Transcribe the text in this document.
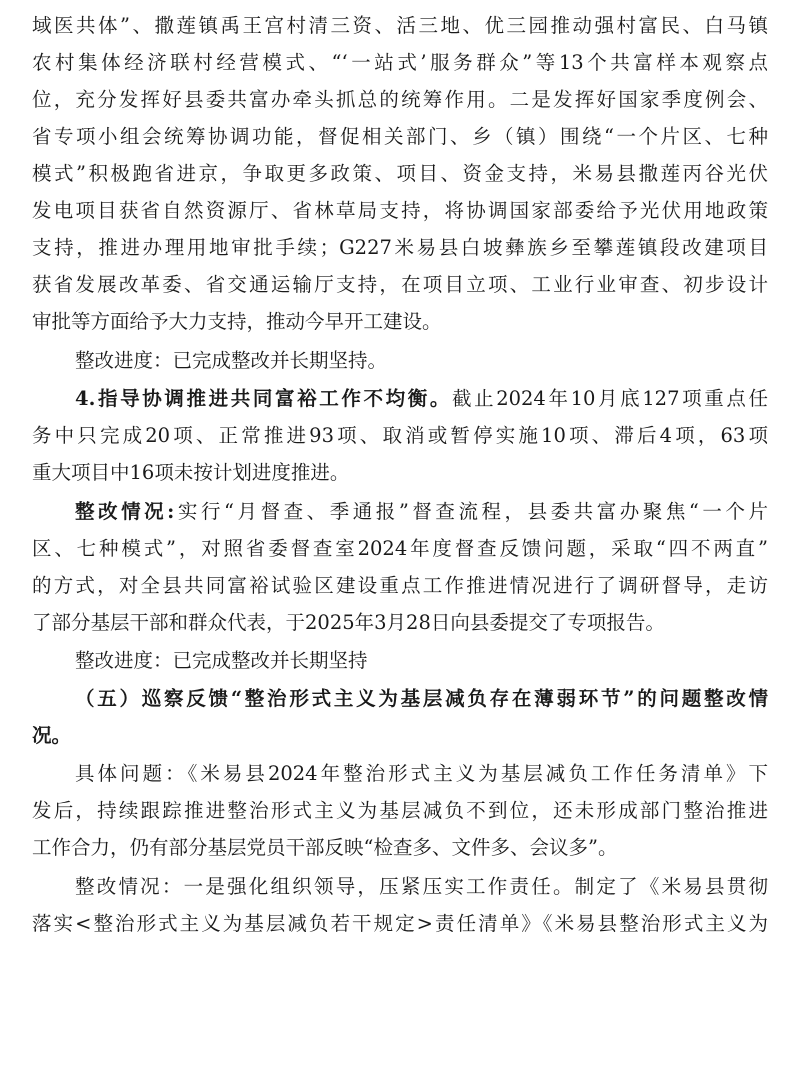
域医共体”、撒莲镇禹王宫村清三资、活三地、优三园推动强村富民、白马镇
农村集体经济联村经营模式、“‘一站式’服务群众”等13个共富样本观察点
位，充分发挥好县委共富办牵头抓总的统筹作用。二是发挥好国家季度例会、
省专项小组会统筹协调功能，督促相关部门、乡（镇）围绕“一个片区、七种
模式”积极跑省进京，争取更多政策、项目、资金支持，米易县撒莲丙谷光伏
发电项目获省自然资源厅、省林草局支持，将协调国家部委给予光伏用地政策
支持，推进办理用地审批手续；G227米易县白坡彝族乡至攀莲镇段改建项目
获省发展改革委、省交通运输厅支持，在项目立项、工业行业审查、初步设计
审批等方面给予大力支持，推动今早开工建设。
整改进度：已完成整改并长期坚持。
4.指导协调推进共同富裕工作不均衡。截止2024年10月底127项重点任
务中只完成20项、正常推进93项、取消或暂停实施10项、滞后4项，63项
重大项目中16项未按计划进度推进。
整改情况:实行“月督查、季通报”督查流程，县委共富办聚焦“一个片
区、七种模式”，对照省委督查室2024年度督查反馈问题，采取“四不两直”
的方式，对全县共同富裕试验区建设重点工作推进情况进行了调研督导，走访
了部分基层干部和群众代表，于2025年3月28日向县委提交了专项报告。
整改进度：已完成整改并长期坚持
（五）巡察反馈“整治形式主义为基层减负存在薄弱环节”的问题整改情
况。
具体问题：《米易县2024年整治形式主义为基层减负工作任务清单》下
发后，持续跟踪推进整治形式主义为基层减负不到位，还未形成部门整治推进
工作合力，仍有部分基层党员干部反映“检查多、文件多、会议多”。
整改情况：一是强化组织领导，压紧压实工作责任。制定了《米易县贯彻
落实<整治形式主义为基层减负若干规定>责任清单》《米易县整治形式主义为
